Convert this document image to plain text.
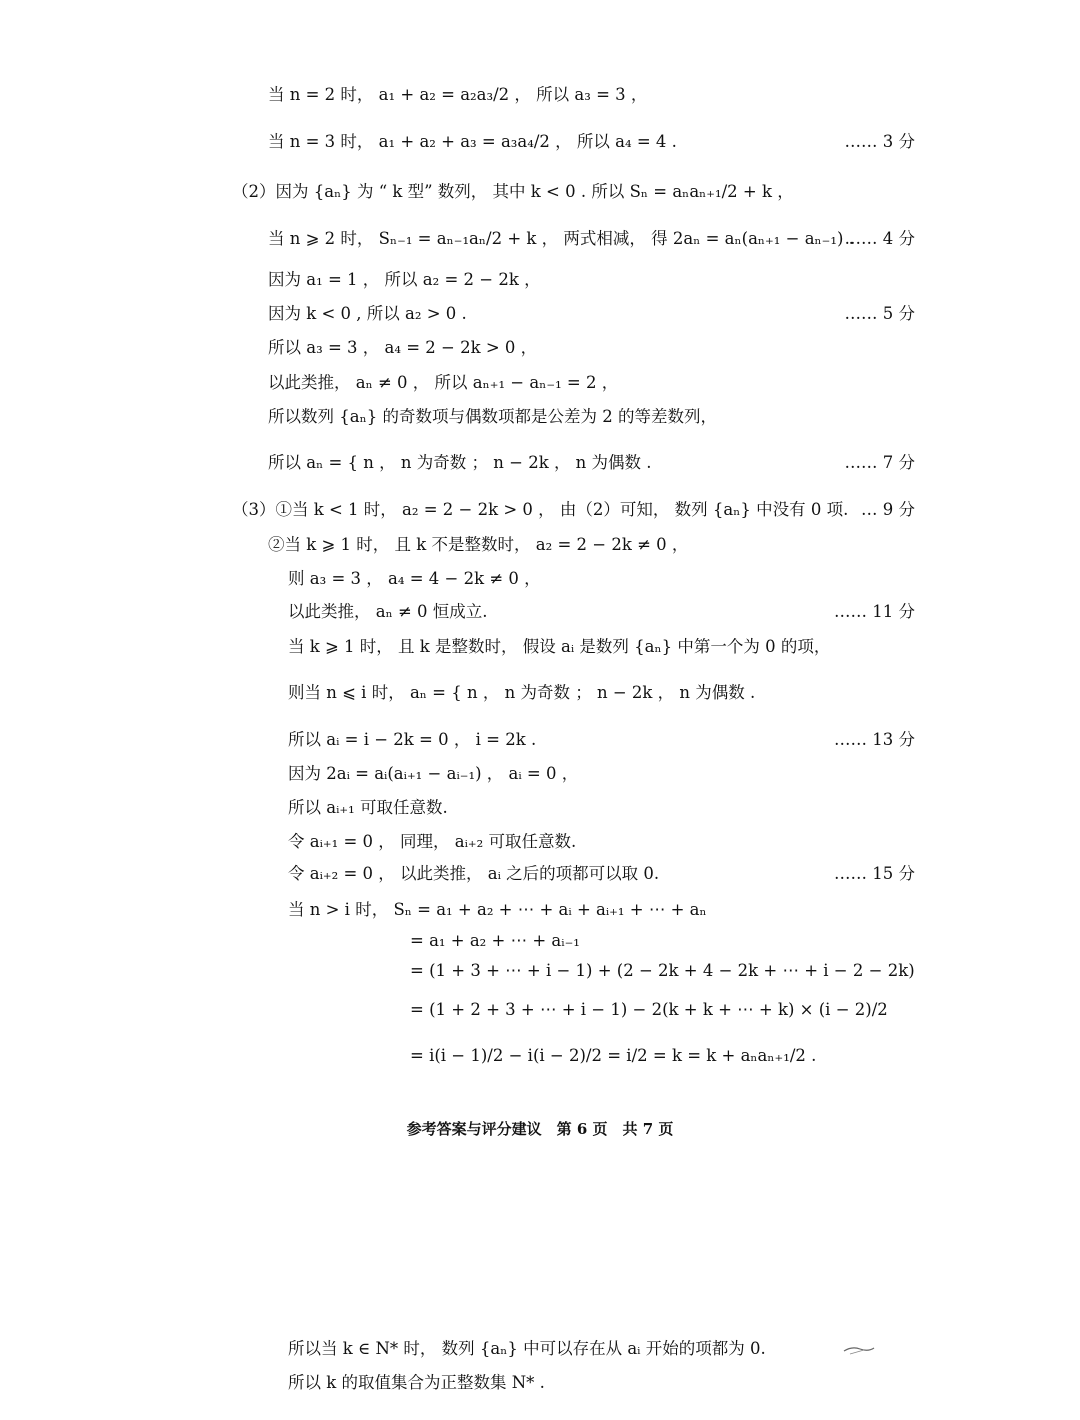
当 n = 2 时， a₁ + a₂ = a₂a₃/2 ， 所以 a₃ = 3 ，
当 n = 3 时， a₁ + a₂ + a₃ = a₃a₄/2 ， 所以 a₄ = 4 .	…… 3 分
（2）因为 {aₙ} 为 “ k 型” 数列， 其中 k < 0 . 所以 Sₙ = aₙaₙ₊₁/2 + k ，
当 n ⩾ 2 时， Sₙ₋₁ = aₙ₋₁aₙ/2 + k ， 两式相减， 得 2aₙ = aₙ(aₙ₊₁ − aₙ₋₁) .
…… 4 分
因为 a₁ = 1 ， 所以 a₂ = 2 − 2k ，
因为 k < 0 , 所以 a₂ > 0 .	…… 5 分
所以 a₃ = 3 ， a₄ = 2 − 2k > 0 ，
以此类推， aₙ ≠ 0 ， 所以 aₙ₊₁ − aₙ₋₁ = 2 ，
所以数列 {aₙ} 的奇数项与偶数项都是公差为 2 的等差数列，
所以 aₙ = { n ， n 为奇数 ； n − 2k ， n 为偶数 .	…… 7 分
（3）①当 k < 1 时， a₂ = 2 − 2k > 0 ， 由（2）可知， 数列 {aₙ} 中没有 0 项. … 9 分
②当 k ⩾ 1 时， 且 k 不是整数时， a₂ = 2 − 2k ≠ 0 ，
则 a₃ = 3 ， a₄ = 4 − 2k ≠ 0 ，
以此类推， aₙ ≠ 0 恒成立.	…… 11 分
当 k ⩾ 1 时， 且 k 是整数时， 假设 aᵢ 是数列 {aₙ} 中第一个为 0 的项，
则当 n ⩽ i 时， aₙ = { n ， n 为奇数 ； n − 2k ， n 为偶数 .
所以 aᵢ = i − 2k = 0 ， i = 2k .	…… 13 分
因为 2aᵢ = aᵢ(aᵢ₊₁ − aᵢ₋₁) ， aᵢ = 0 ，
所以 aᵢ₊₁ 可取任意数.
令 aᵢ₊₁ = 0 ， 同理， aᵢ₊₂ 可取任意数.
令 aᵢ₊₂ = 0 ， 以此类推， aᵢ 之后的项都可以取 0.	…… 15 分
当 n > i 时， Sₙ = a₁ + a₂ + ⋯ + aᵢ + aᵢ₊₁ + ⋯ + aₙ
= a₁ + a₂ + ⋯ + aᵢ₋₁
= (1 + 3 + ⋯ + i − 1) + (2 − 2k + 4 − 2k + ⋯ + i − 2 − 2k)
= (1 + 2 + 3 + ⋯ + i − 1) − 2(k + k + ⋯ + k) × (i − 2)/2
= i(i − 1)/2 − i(i − 2)/2 = i/2 = k = k + aₙaₙ₊₁/2 .
参考答案与评分建议　第 6 页　共 7 页
所以当 k ∈ N* 时， 数列 {aₙ} 中可以存在从 aᵢ 开始的项都为 0.
所以 k 的取值集合为正整数集 N* .
